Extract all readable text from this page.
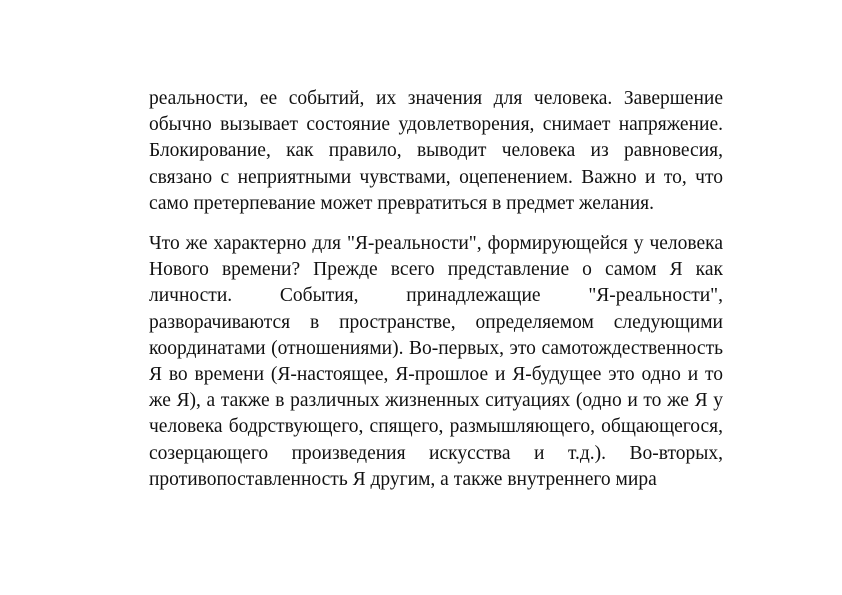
реальности, ее событий, их значения для человека. Завершение обычно вызывает состояние удовлетворения, снимает напряжение. Блокирование, как правило, выводит человека из равновесия, связано с неприятными чувствами, оцепенением. Важно и то, что само претерпевание может превратиться в предмет желания.

Что же характерно для "Я-реальности", формирующейся у человека Нового времени? Прежде всего представление о самом Я как личности. События, принадлежащие "Я-реальности", разворачиваются в пространстве, определяемом следующими координатами (отношениями). Во-первых, это самотождественность Я во времени (Я-настоящее, Я-прошлое и Я-будущее это одно и то же Я), а также в различных жизненных ситуациях (одно и то же Я у человека бодрствующего, спящего, размышляющего, общающегося, созерцающего произведения искусства и т.д.). Во-вторых, противопоставленность Я другим, а также внутреннего мира
